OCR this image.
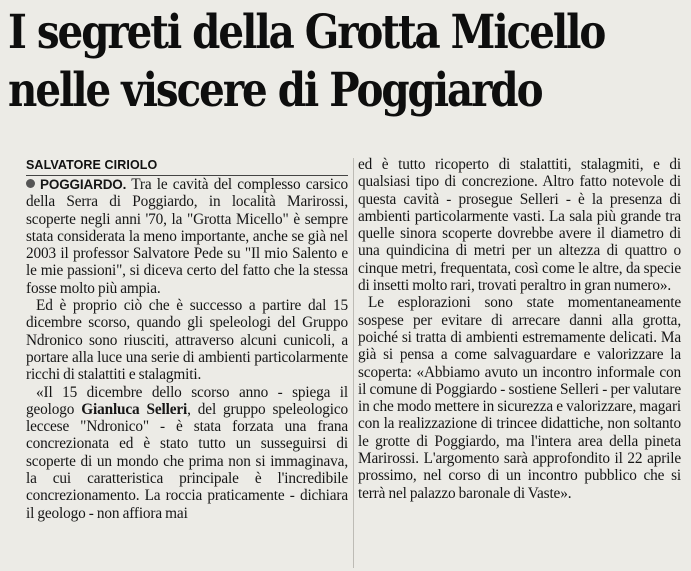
I segreti della Grotta Micello
nelle viscere di Poggiardo
SALVATORE CIRIOLO

POGGIARDO. Tra le cavità del complesso carsico della Serra di Poggiardo, in località Marirossi, scoperte negli anni '70, la "Grotta Micello" è sempre stata considerata la meno importante, anche se già nel 2003 il professor Salvatore Pede su "Il mio Salento e le mie passioni", si diceva certo del fatto che la stessa fosse molto più ampia.

Ed è proprio ciò che è successo a partire dal 15 dicembre scorso, quando gli speleologi del Gruppo Ndronico sono riusciti, attraverso alcuni cunicoli, a portare alla luce una serie di ambienti particolarmente ricchi di stalattiti e stalagmiti.

«Il 15 dicembre dello scorso anno - spiega il geologo Gianluca Selleri, del gruppo speleologico leccese "Ndronico" - è stata forzata una frana concrezionata ed è stato tutto un susseguirsi di scoperte di un mondo che prima non si immaginava, la cui caratteristica principale è l'incredibile concrezionamento. La roccia praticamente - dichiara il geologo - non affiora mai

ed è tutto ricoperto di stalattiti, stalagmiti, e di qualsiasi tipo di concrezione. Altro fatto notevole di questa cavità - prosegue Selleri - è la presenza di ambienti particolarmente vasti. La sala più grande tra quelle sinora scoperte dovrebbe avere il diametro di una quindicina di metri per un altezza di quattro o cinque metri, frequentata, così come le altre, da specie di insetti molto rari, trovati peraltro in gran numero».

Le esplorazioni sono state momentaneamente sospese per evitare di arrecare danni alla grotta, poiché si tratta di ambienti estremamente delicati. Ma già si pensa a come salvaguardare e valorizzare la scoperta: «Abbiamo avuto un incontro informale con il comune di Poggiardo - sostiene Selleri - per valutare in che modo mettere in sicurezza e valorizzare, magari con la realizzazione di trincee didattiche, non soltanto le grotte di Poggiardo, ma l'intera area della pineta Marirossi. L'argomento sarà approfondito il 22 aprile prossimo, nel corso di un incontro pubblico che si terrà nel palazzo baronale di Vaste».
